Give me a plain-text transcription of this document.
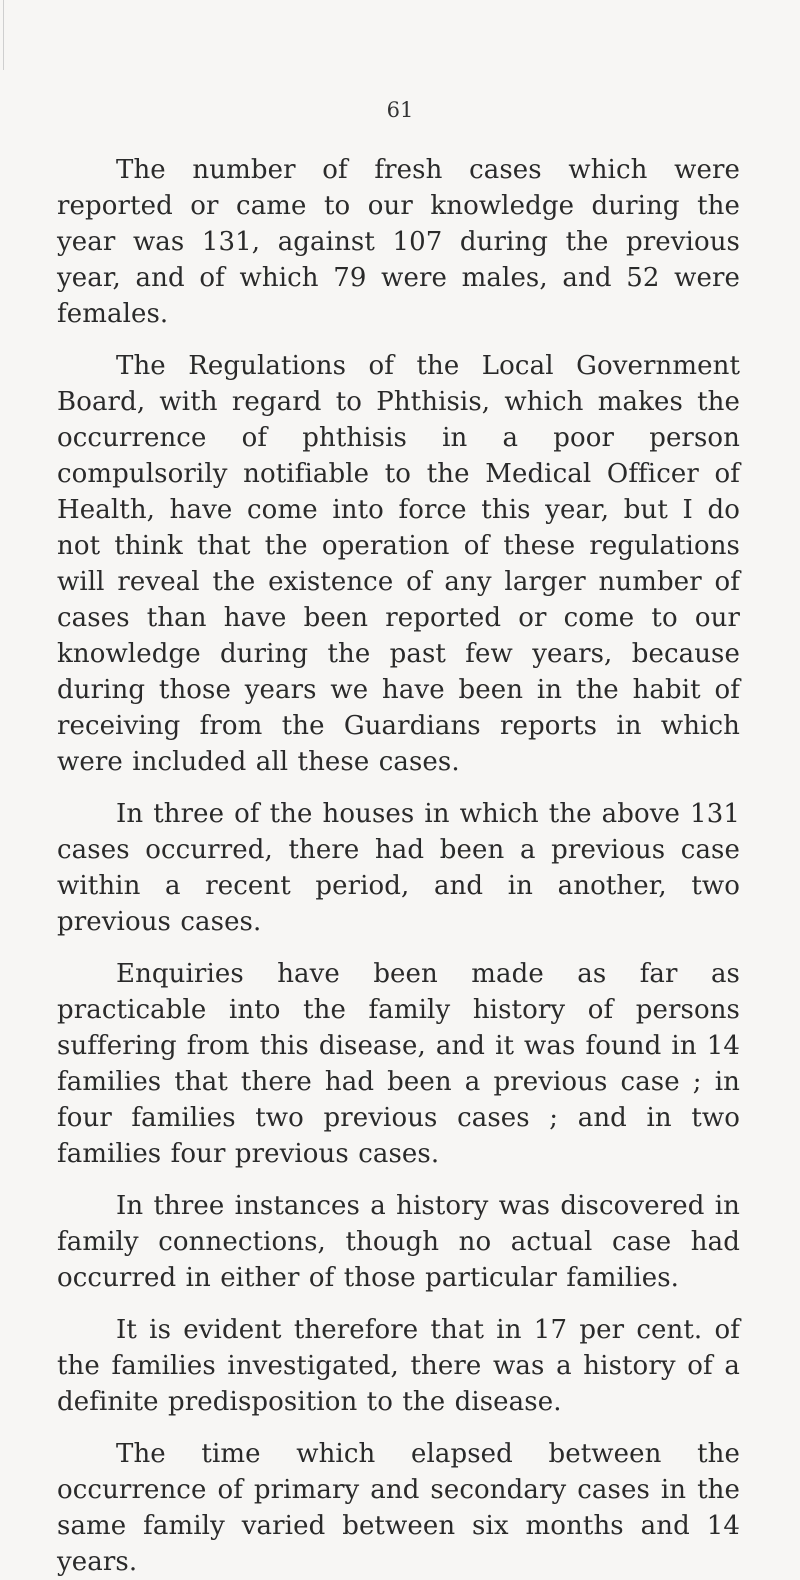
61

The number of fresh cases which were reported or came to our knowledge during the year was 131, against 107 during the previous year, and of which 79 were males, and 52 were females.

The Regulations of the Local Government Board, with regard to Phthisis, which makes the occurrence of phthisis in a poor person compulsorily notifiable to the Medical Officer of Health, have come into force this year, but I do not think that the operation of these regulations will reveal the existence of any larger number of cases than have been reported or come to our knowledge during the past few years, because during those years we have been in the habit of receiving from the Guardians reports in which were included all these cases.

In three of the houses in which the above 131 cases occurred, there had been a previous case within a recent period, and in another, two previous cases.

Enquiries have been made as far as practicable into the family history of persons suffering from this disease, and it was found in 14 families that there had been a previous case ; in four families two previous cases ; and in two families four previous cases.

In three instances a history was discovered in family connections, though no actual case had occurred in either of those particular families.

It is evident therefore that in 17 per cent. of the families investigated, there was a history of a definite predisposition to the disease.

The time which elapsed between the occurrence of primary and secondary cases in the same family varied between six months and 14 years.
